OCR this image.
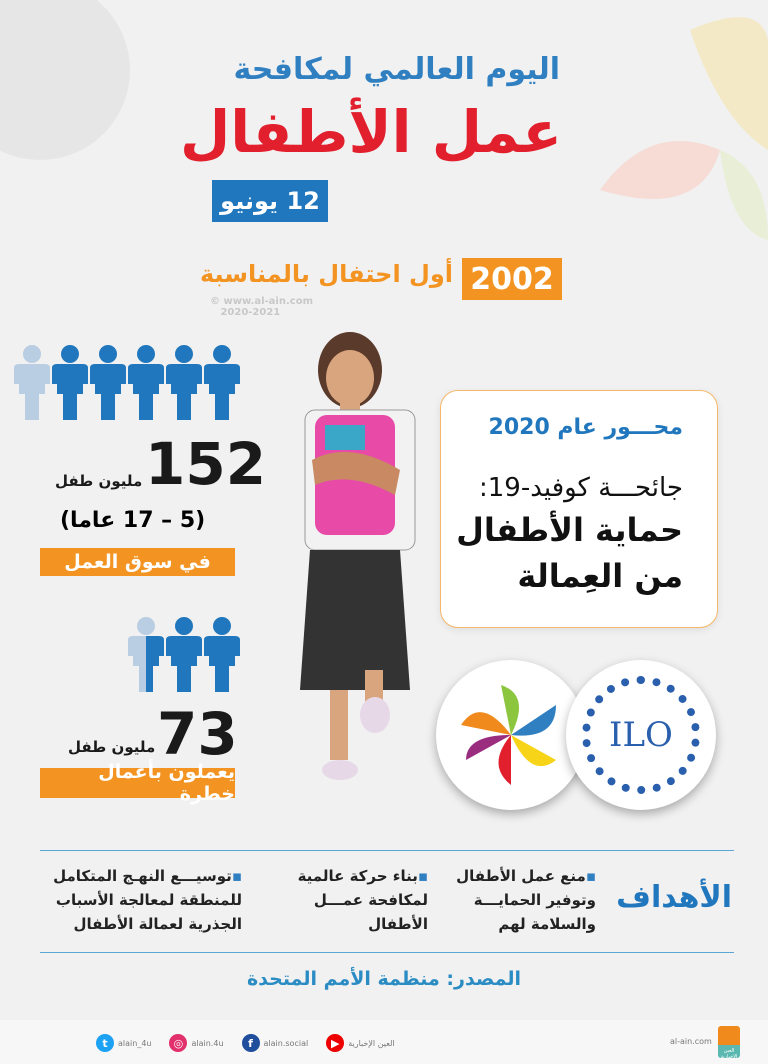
اليوم العالمي لمكافحة
عمل الأطفال
12 يونيو
2002
أول احتفال بالمناسبة
© www.al-ain.com
2020-2021
152
مليون طفل
(5 – 17 عاما)
في سوق العمل
73
مليون طفل
يعملون بأعمال خطرة
محـــور عام 2020
جائحـــة كوفيد-19:
حماية الأطفال
من العِمالة
ILO
الأهداف
▪منع عمل الأطفال
وتوفير الحمايـــة
والسلامة لهم
▪بناء حركة عالمية
لمكافحة عمـــل
الأطفال
▪توسيـــع النهـج المتكامل
للمنطقة لمعالجة الأسباب
الجذرية لعمالة الأطفال
المصدر: منظمة الأمم المتحدة
t	alain_4u	◎	alain.4u	f	alain.social	▶	العين الإخبارية	al-ain.com
العين الإخبارية
